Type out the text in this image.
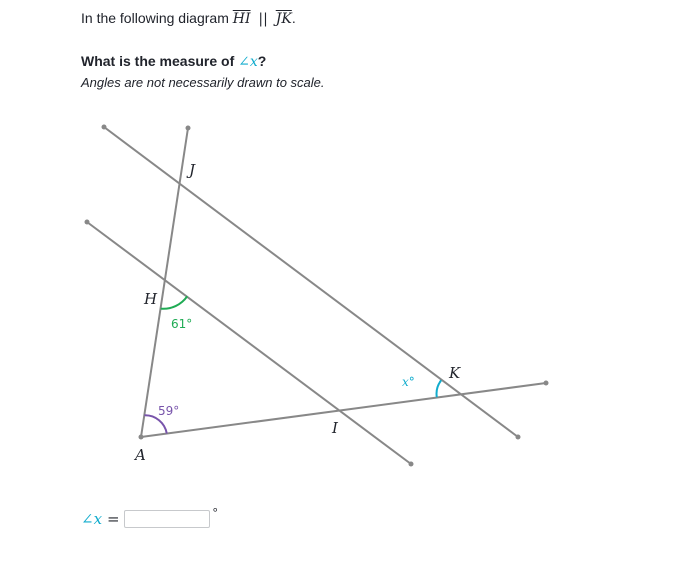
In the following diagram $\overline{HI}$ || $\overline{JK}$.
What is the measure of ∠x?
Angles are not necessarily drawn to scale.
J
H
A
I
K
61°
59°
x°
∠x =	°
